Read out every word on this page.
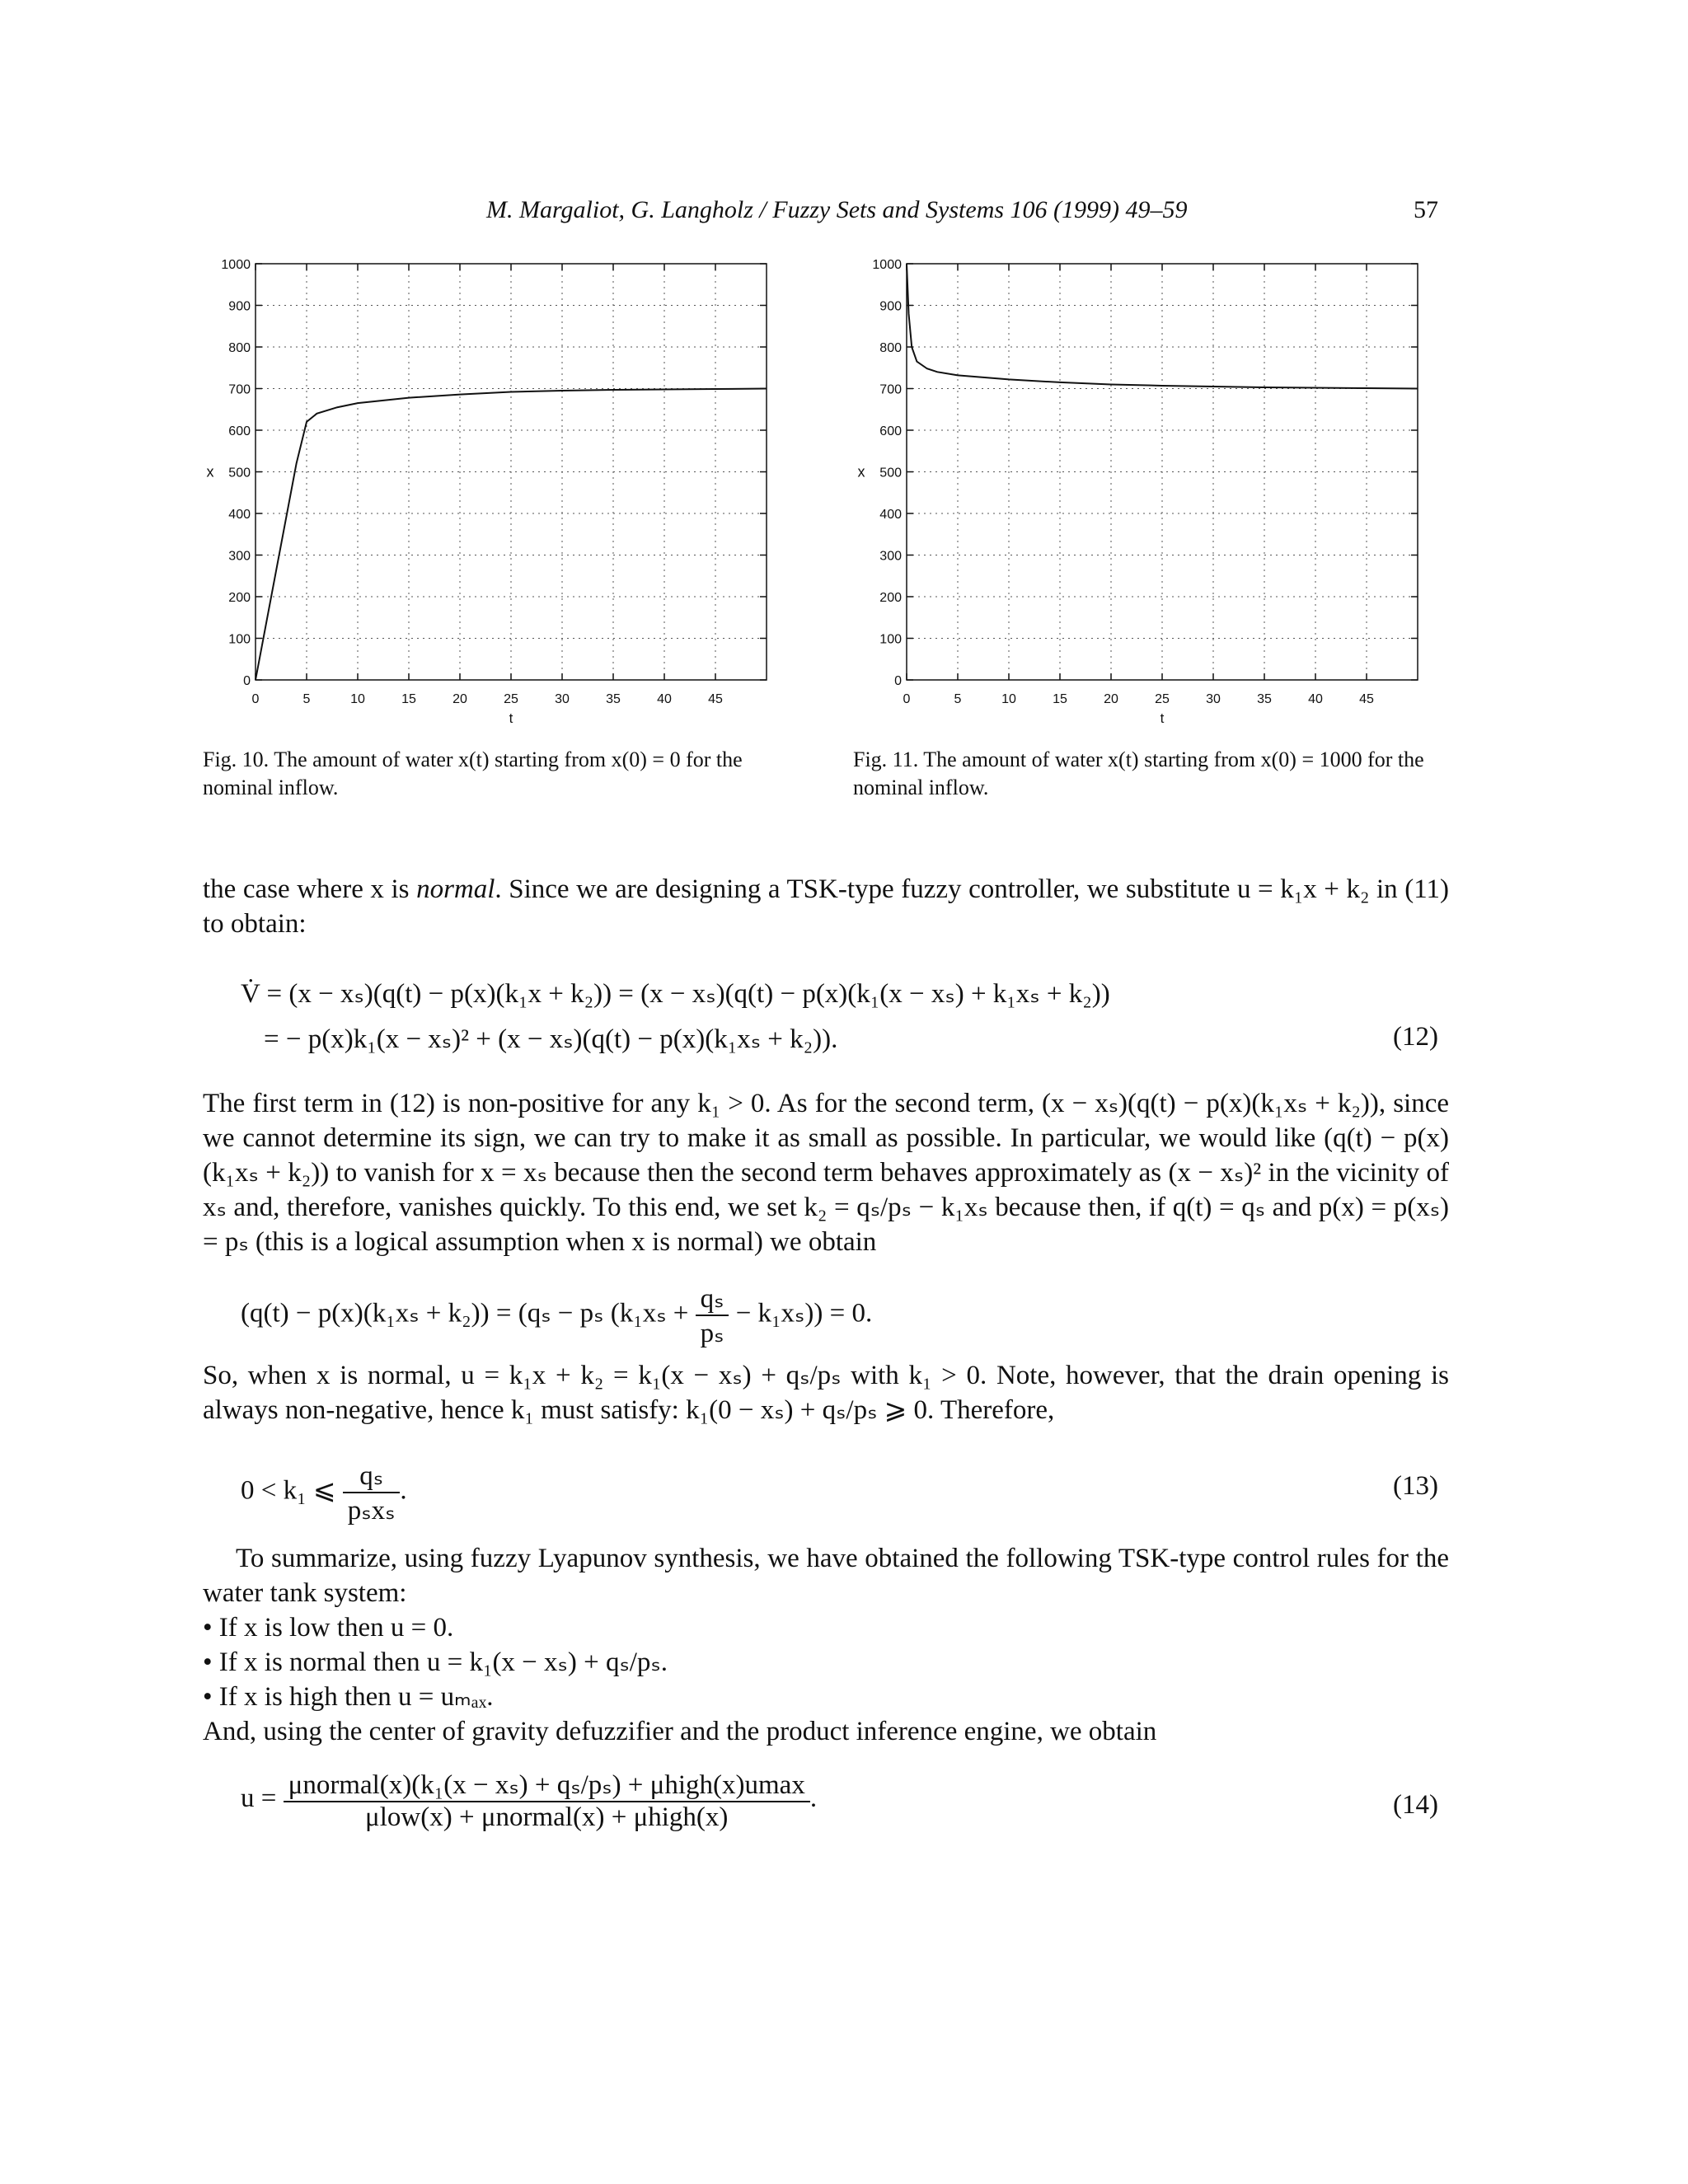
M. Margaliot, G. Langholz / Fuzzy Sets and Systems 106 (1999) 49–59	57
0	5	10	15	20	25	30	35	40	45
0
100
200
300
400
500
600
700
800
900
1000
t
x
Fig. 10. The amount of water x(t) starting from x(0) = 0 for the nominal inflow.
0	5	10	15	20	25	30	35	40	45
0
100
200
300
400
500
600
700
800
900
1000
t
x
Fig. 11. The amount of water x(t) starting from x(0) = 1000 for the nominal inflow.
the case where x is normal. Since we are designing a TSK-type fuzzy controller, we substitute u = k₁x + k₂ in (11) to obtain:
V̇ = (x − xₛ)(q(t) − p(x)(k₁x + k₂)) = (x − xₛ)(q(t) − p(x)(k₁(x − xₛ) + k₁xₛ + k₂))
= − p(x)k₁(x − xₛ)² + (x − xₛ)(q(t) − p(x)(k₁xₛ + k₂)).	(12)
The first term in (12) is non-positive for any k₁ > 0. As for the second term, (x − xₛ)(q(t) − p(x)(k₁xₛ + k₂)), since we cannot determine its sign, we can try to make it as small as possible. In particular, we would like (q(t) − p(x)(k₁xₛ + k₂)) to vanish for x = xₛ because then the second term behaves approximately as (x − xₛ)² in the vicinity of xₛ and, therefore, vanishes quickly. To this end, we set k₂ = qₛ/pₛ − k₁xₛ because then, if q(t) = qₛ and p(x) = p(xₛ) = pₛ (this is a logical assumption when x is normal) we obtain
(q(t) − p(x)(k₁xₛ + k₂)) = (qₛ − pₛ $(k_1x_s + \frac{\text{qₛ}}{\text{pₛ}} - k_1x_s)) = 0$.
So, when x is normal, u = k₁x + k₂ = k₁(x − xₛ) + qₛ/pₛ with k₁ > 0. Note, however, that the drain opening is always non-negative, hence k₁ must satisfy: k₁(0 − xₛ) + qₛ/pₛ ⩾ 0. Therefore,
0 < k₁ ⩽ $\frac{\text{qₛ}}{\text{pₛxₛ}}$ .	(13)
To summarize, using fuzzy Lyapunov synthesis, we have obtained the following TSK-type control rules for the water tank system:
• If x is low then u = 0.
• If x is normal then u = k₁(x − xₛ) + qₛ/pₛ.
• If x is high then u = uₘₐₓ.
And, using the center of gravity defuzzifier and the product inference engine, we obtain
$u = \frac{\text{μnormal(x)(k₁(x − xₛ) + qₛ/pₛ) + μhigh(x)umax}}{\text{μlow(x) + μnormal(x) + μhigh(x)}}$ .	(14)
